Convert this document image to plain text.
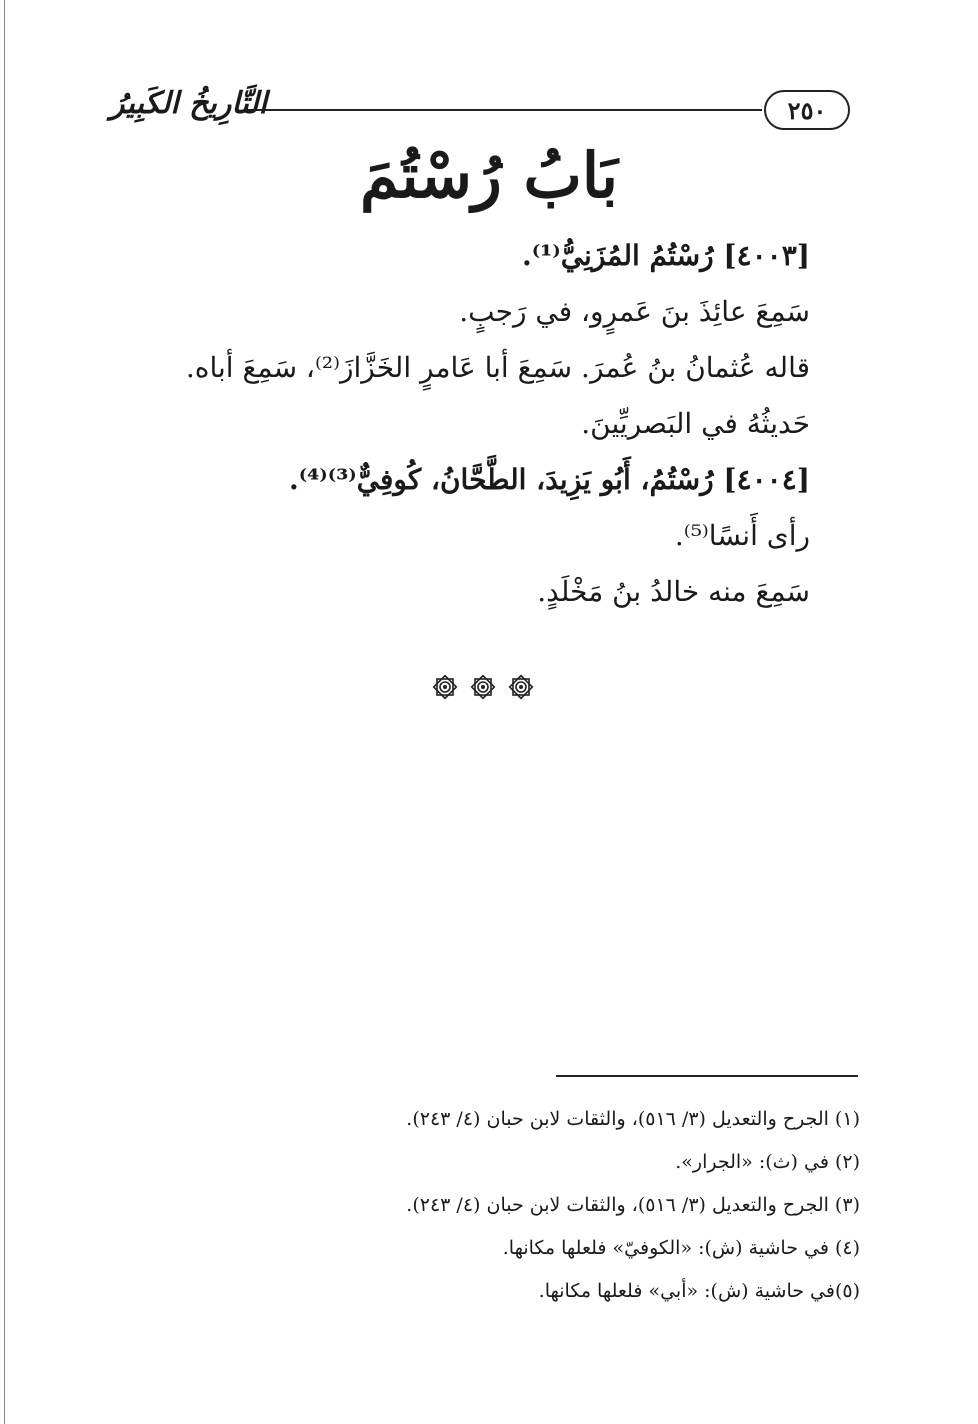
٢٥٠
التَّارِيخُ الكَبِيرُ
بَابُ رُسْتُمَ
[٤٠٠٣] رُسْتُمُ المُزَنِيُّ⁽¹⁾.
سَمِعَ عائِذَ بنَ عَمرٍو، في رَجبٍ.
قاله عُثمانُ بنُ عُمرَ. سَمِعَ أبا عَامرٍ الخَزَّازَ⁽²⁾، سَمِعَ أباه.
حَديثُهُ في البَصريِّينَ.
[٤٠٠٤] رُسْتُمُ، أَبُو يَزِيدَ، الطَّحَّانُ، كُوفِيٌّ⁽³⁾⁽⁴⁾.
رأى أَنسًا⁽⁵⁾.
سَمِعَ منه خالدُ بنُ مَخْلَدٍ.
(١) الجرح والتعديل (٣/ ٥١٦)، والثقات لابن حبان (٤/ ٢٤٣).
(٢) في (ث): «الجرار».
(٣) الجرح والتعديل (٣/ ٥١٦)، والثقات لابن حبان (٤/ ٢٤٣).
(٤) في حاشية (ش): «الكوفيّ» فلعلها مكانها.
(٥)في حاشية (ش): «أبي» فلعلها مكانها.
